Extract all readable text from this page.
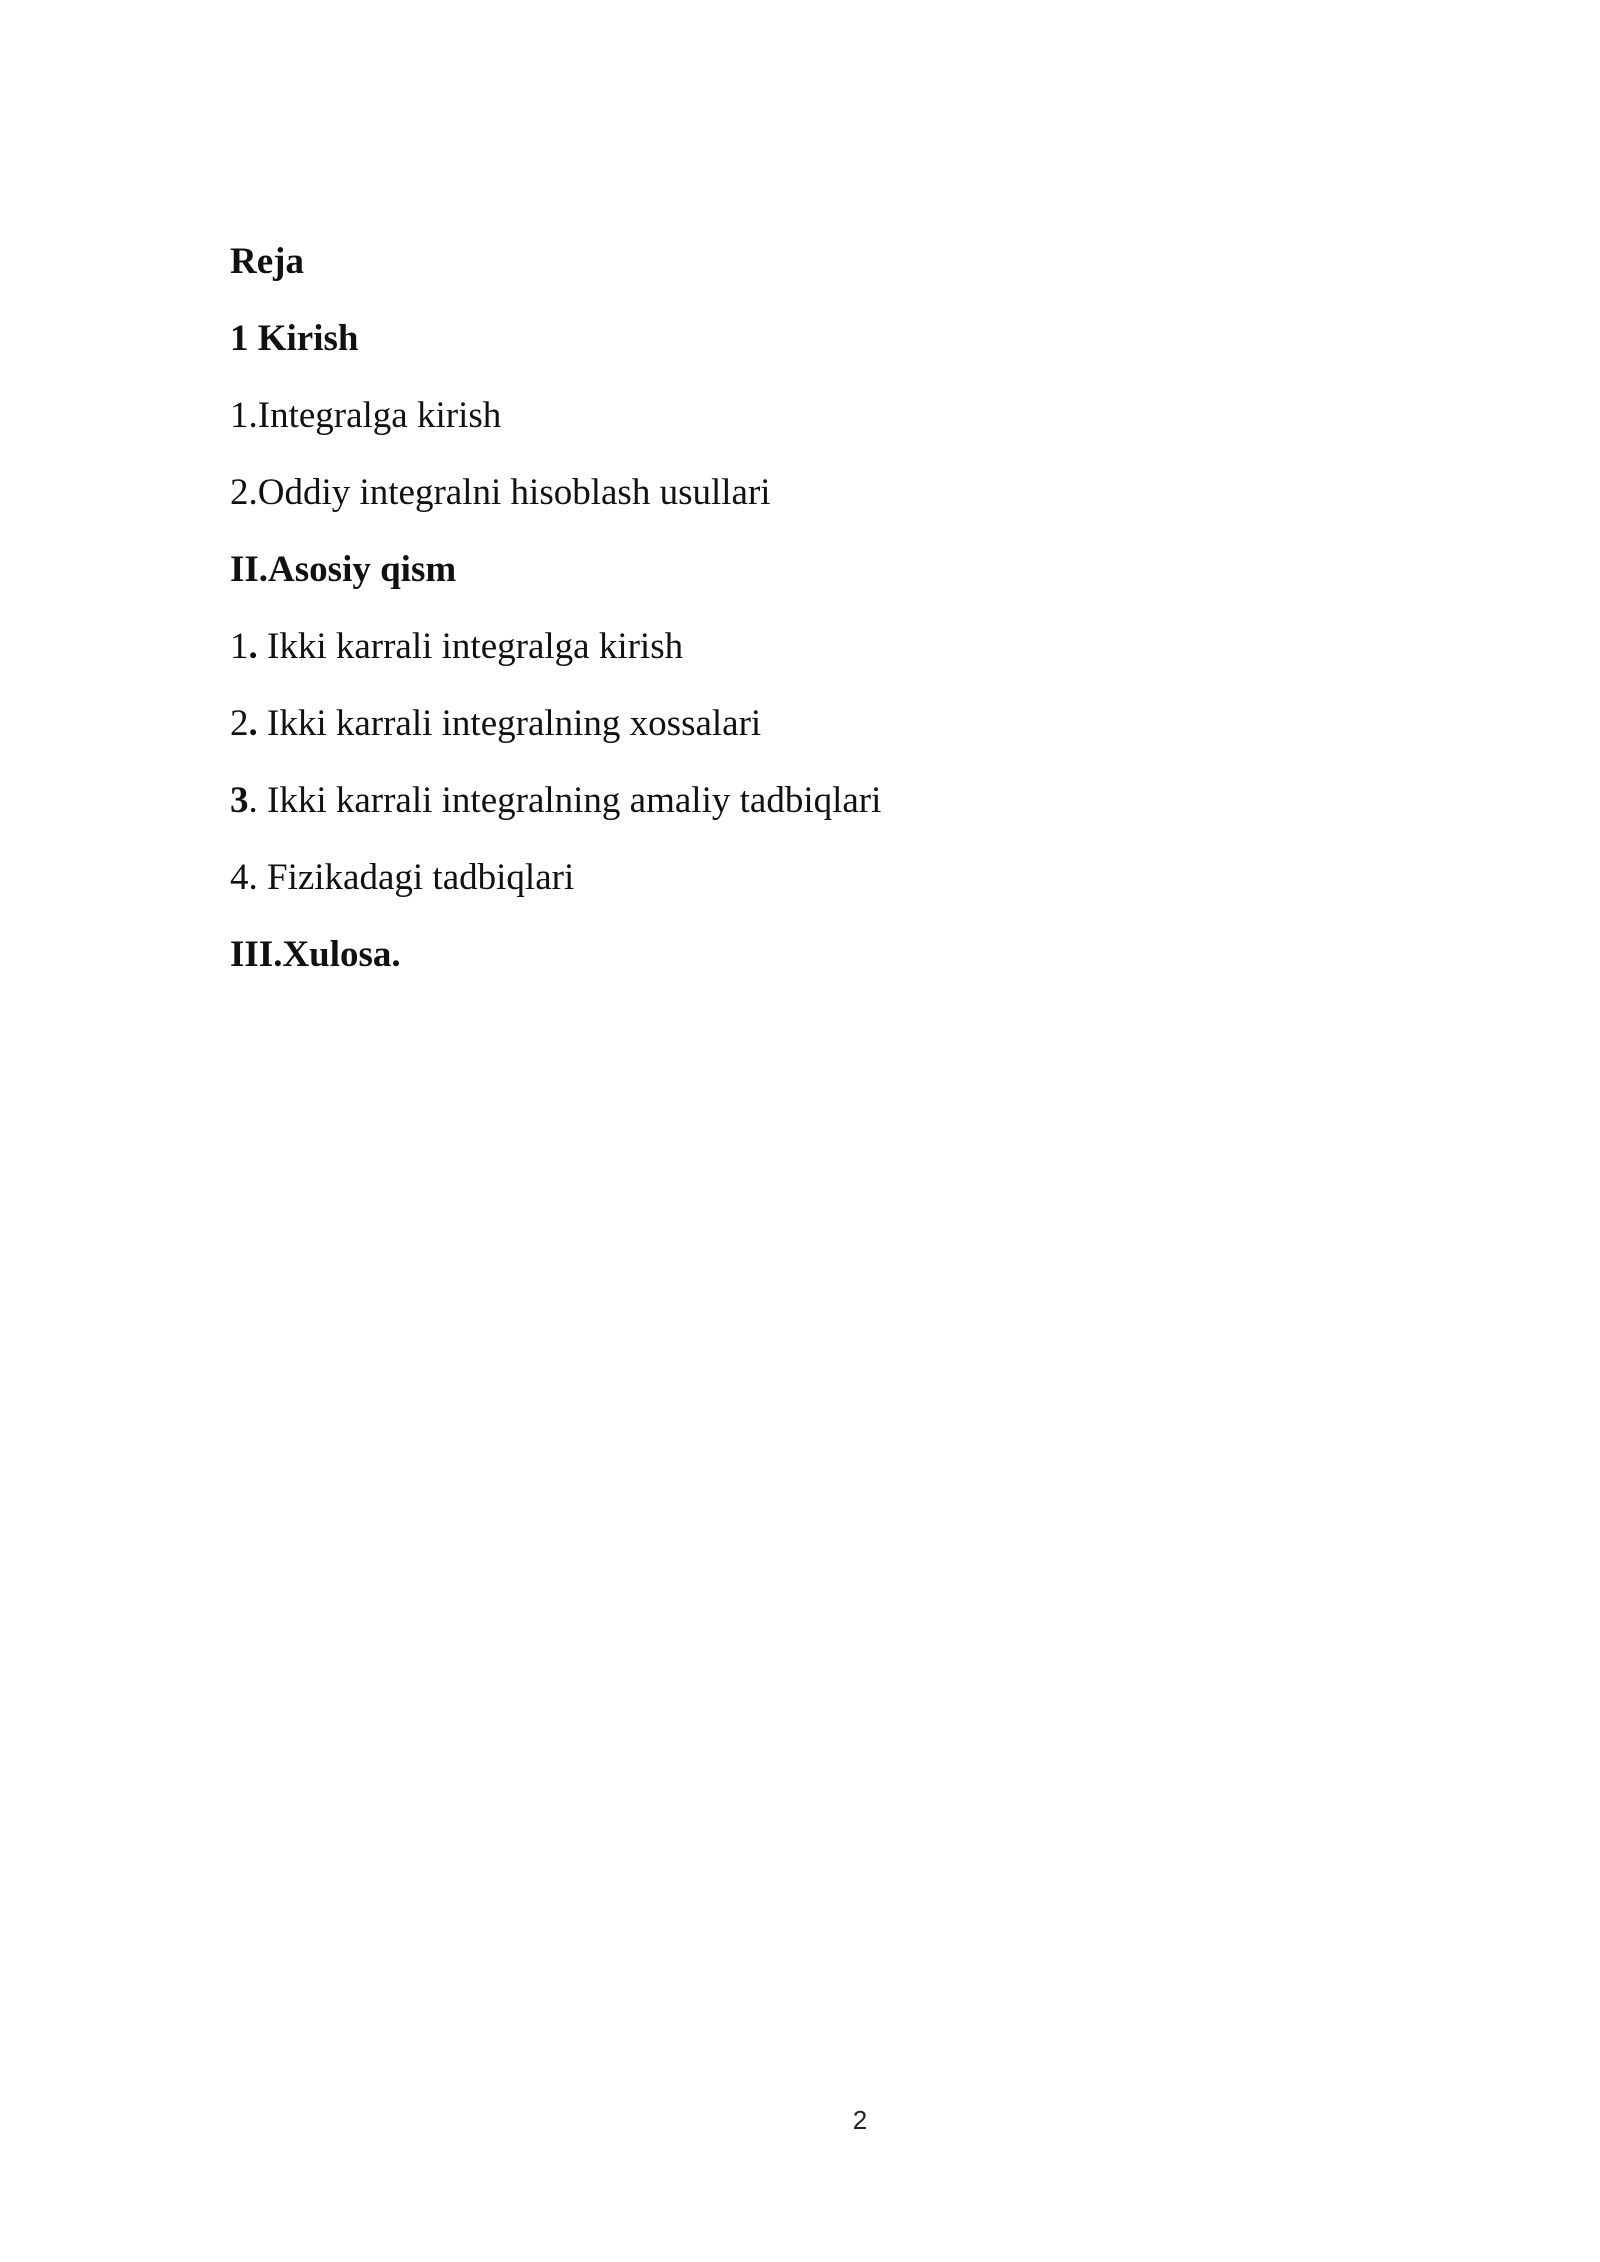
Reja
1 Kirish
1.Integralga kirish
2.Oddiy integralni hisoblash usullari
II.Asosiy qism
1. Ikki karrali integralga kirish
2. Ikki karrali integralning xossalari
3. Ikki karrali integralning amaliy tadbiqlari
4. Fizikadagi tadbiqlari
III.Xulosa.
2
